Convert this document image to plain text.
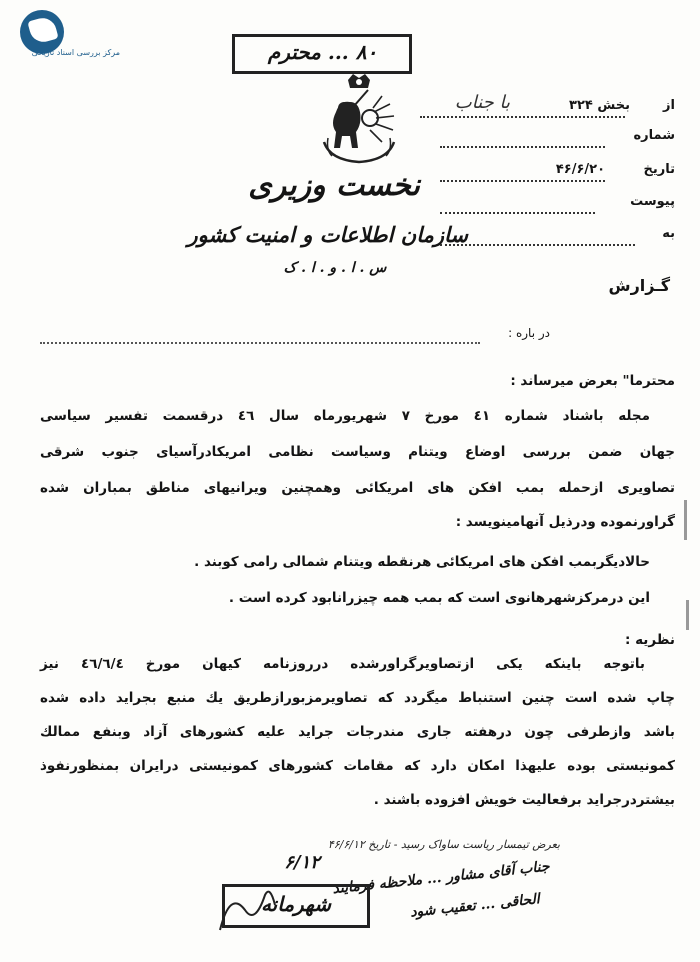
مرکز بررسی اسناد تاریخی	۸۰ ... محترم
نخست وزیری
سازمان اطلاعات و امنیت کشور
س . ا . و . ا . ک
از
بخش ۳۲۴
با جناب
شماره
تاریخ
۴۶/۶/۲۰
پیوست
به
گـزارش
در باره :
محترما" بعرض میرساند :
مجله باشناد شماره ٤١ مورخ ٧ شهریورماه سال ٤٦ درقسمت تفسیر سیاسی
جهان ضمن بررسی اوضاع ویتنام وسیاست نظامی امریکادرآسیای جنوب شرقی
تصاویری ازحمله بمب افکن های امریکائی وهمچنین ویرانیهای مناطق بمباران شده
گراورنموده ودرذیل آنهامینویسد :
حالادیگربمب افکن های امریکائی هرنقطه ویتنام شمالی رامی کوبند .
این درمرکزشهرهانوی است که بمب همه چیزرانابود کرده است .
نظریه :
باتوجه باینکه یکی ازتصاویرگراورشده درروزنامه کیهان مورخ ٤٦/٦/٤ نیز
چاپ شده است چنین استنباط میگردد که تصاویرمزبورازطریق یك منبع بجراید داده شده
باشد وازطرفی چون درهفته جاری مندرجات جراید علیه کشورهای آزاد وبنفع ممالك
کمونیستی بوده علیهذا امکان دارد که مقامات کشورهای کمونیستی درایران بمنظورنفوذ
بیشتردرجراید برفعالیت خویش افزوده باشند .
بعرض تیمسار ریاست ساواک رسید - تاریخ ۴۶/۶/۱۲
۶/۱۲ جناب آقای مشاور ... ملاحظه فرمایند
الحاقی ... تعقیب شود
شهرمانه
